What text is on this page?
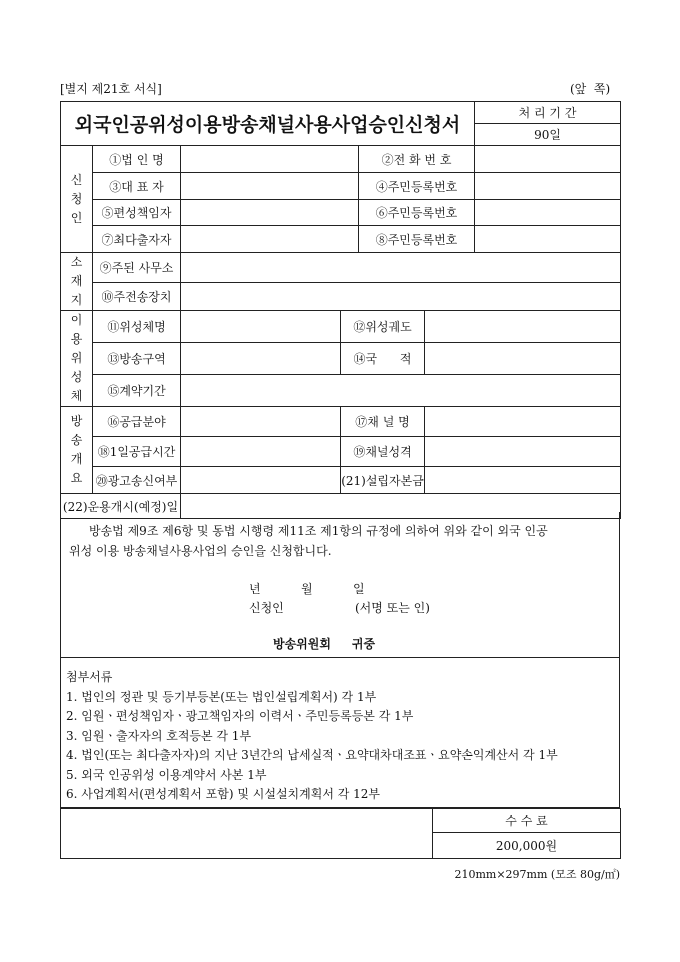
[별지 제21호 서식]	(앞  쪽)
외국인공위성이용방송채널사용사업승인신청서	처 리 기 간
90일
신청인	①법 인 명			②전 화 번 호		
	③대 표 자			④주민등록번호		
	⑤편성책임자			⑥주민등록번호		
	⑦최다출자자			⑧주민등록번호		
소재지	⑨주된 사무소					
	⑩주전송장치					
이용위성체	⑪위성체명		⑫위성궤도			
	⑬방송구역		⑭국      적			
	⑮계약기간					
방송개요	⑯공급분야		⑰채 널 명			
	⑱1일공급시간		⑲채널성격			
	⑳광고송신여부		(21)설립자본금			
(22)운용개시(예정)일						
방송법 제9조 제6항 및 동법 시행령 제11조 제1항의 규정에 의하여 위와 같이 외국 인공
위성 이용 방송채널사용사업의 승인을 신청합니다.
년	월	일
신청인	(서명 또는 인)
방송위원회     귀중
첨부서류
1. 법인의 정관 및 등기부등본(또는 법인설립계획서) 각 1부
2. 임원ㆍ편성책임자ㆍ광고책임자의 이력서ㆍ주민등록등본 각 1부
3. 임원ㆍ출자자의 호적등본 각 1부
4. 법인(또는 최다출자자)의 지난 3년간의 납세실적ㆍ요약대차대조표ㆍ요약손익계산서 각 1부
5. 외국 인공위성 이용계약서 사본 1부
6. 사업계획서(편성계획서 포함) 및 시설설치계획서 각 12부
	수 수 료
200,000원
210mm×297mm (모조 80g/㎡)
